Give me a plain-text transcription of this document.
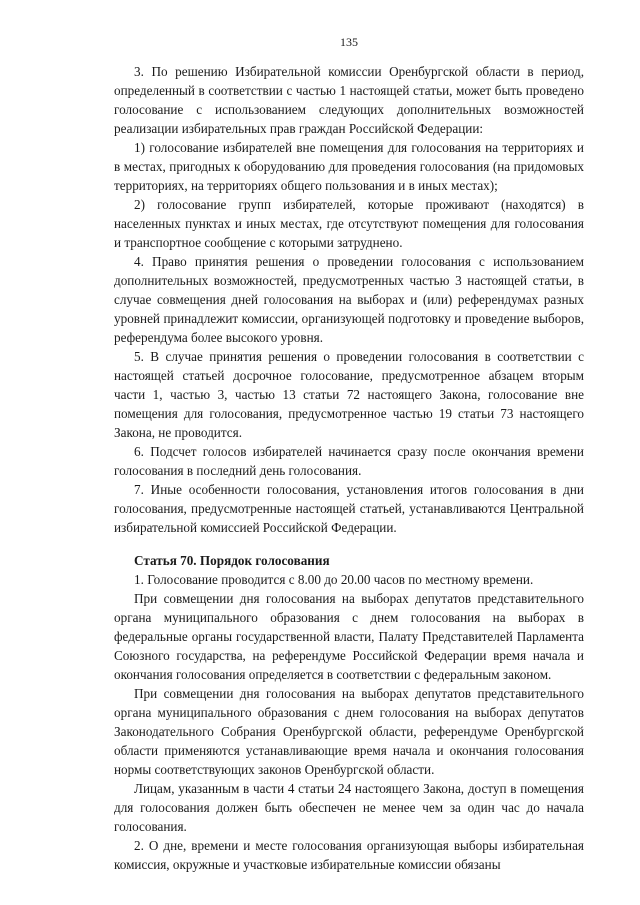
135

3. По решению Избирательной комиссии Оренбургской области в период, определенный в соответствии с частью 1 настоящей статьи, может быть проведено голосование с использованием следующих дополнительных возможностей реализации избирательных прав граждан Российской Федерации:

1) голосование избирателей вне помещения для голосования на территориях и в местах, пригодных к оборудованию для проведения голосования (на придомовых территориях, на территориях общего пользования и в иных местах);

2) голосование групп избирателей, которые проживают (находятся) в населенных пунктах и иных местах, где отсутствуют помещения для голосования и транспортное сообщение с которыми затруднено.

4. Право принятия решения о проведении голосования с использованием дополнительных возможностей, предусмотренных частью 3 настоящей статьи, в случае совмещения дней голосования на выборах и (или) референдумах разных уровней принадлежит комиссии, организующей подготовку и проведение выборов, референдума более высокого уровня.

5. В случае принятия решения о проведении голосования в соответствии с настоящей статьей досрочное голосование, предусмотренное абзацем вторым части 1, частью 3, частью 13 статьи 72 настоящего Закона, голосование вне помещения для голосования, предусмотренное частью 19 статьи 73 настоящего Закона, не проводится.

6. Подсчет голосов избирателей начинается сразу после окончания времени голосования в последний день голосования.

7. Иные особенности голосования, установления итогов голосования в дни голосования, предусмотренные настоящей статьей, устанавливаются Центральной избирательной комиссией Российской Федерации.

Статья 70. Порядок голосования

1. Голосование проводится с 8.00 до 20.00 часов по местному времени.

При совмещении дня голосования на выборах депутатов представительного органа муниципального образования с днем голосования на выборах в федеральные органы государственной власти, Палату Представителей Парламента Союзного государства, на референдуме Российской Федерации время начала и окончания голосования определяется в соответствии с федеральным законом.

При совмещении дня голосования на выборах депутатов представительного органа муниципального образования с днем голосования на выборах депутатов Законодательного Собрания Оренбургской области, референдуме Оренбургской области применяются устанавливающие время начала и окончания голосования нормы соответствующих законов Оренбургской области.

Лицам, указанным в части 4 статьи 24 настоящего Закона, доступ в помещения для голосования должен быть обеспечен не менее чем за один час до начала голосования.

2. О дне, времени и месте голосования организующая выборы избирательная комиссия, окружные и участковые избирательные комиссии обязаны
